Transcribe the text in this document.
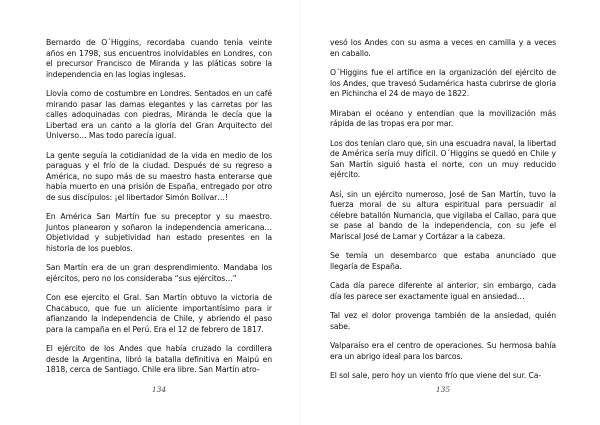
Bernardo de O´Higgins, recordaba cuando tenía veinte años en 1798, sus encuentros inolvidables en Londres, con el precursor Francisco de Miranda y las pláticas sobre la independencia en las logias inglesas.

Llovía como de costumbre en Londres. Sentados en un café mirando pasar las damas elegantes y las carretas por las calles adoquinadas con piedras, Miranda le decía que la Libertad era un canto a la gloria del Gran Arquitecto del Universo… Mas todo parecía igual.

La gente seguía la cotidianidad de la vida en medio de los paraguas y el frío de la ciudad. Después de su regreso a América, no supo más de su maestro hasta enterarse que había muerto en una prisión de España, entregado por otro de sus discípulos: ¡el libertador Simón Bolívar…!

En América San Martín fue su preceptor y su maestro. Juntos planearon y soñaron la independencia americana… Objetividad y subjetividad han estado presentes en la historia de los pueblos.

San Martín era de un gran desprendimiento. Mandaba los ejércitos, pero no los consideraba “sus ejércitos…”

Con ese ejercito el Gral. San Martín obtuvo la victoria de Chacabuco, que fue un aliciente importantísimo para ir afianzando la independencia de Chile, y abriendo el paso para la campaña en el Perú. Era el 12 de febrero de 1817.

El ejército de los Andes que había cruzado la cordillera desde la Argentina, libró la batalla definitiva en Maipú en 1818, cerca de Santiago. Chile era libre. San Martín atro-

134

vesó los Andes con su asma a veces en camilla y a veces en caballo.

O´Higgins fue el artífice en la organización del ejército de los Andes, que travesó Sudamérica hasta cubrirse de gloria en Pichincha el 24 de mayo de 1822.

Miraban el océano y entendían que la movilización más rápida de las tropas era por mar.

Los dos tenían claro que, sin una escuadra naval, la libertad de América sería muy difícil. O´Higgins se quedó en Chile y San Martín siguió hasta el norte, con un muy reducido ejército.

Así, sin un ejército numeroso, José de San Martín, tuvo la fuerza moral de su altura espiritual para persuadir al célebre batallón Numancia, que vigilaba el Callao, para que se pase al bando de la independencia, con su jefe el Mariscal José de Lamar y Cortázar a la cabeza.

Se temía un desembarco que estaba anunciado que llegaría de España.

Cada día parece diferente al anterior, sin embargo, cada día les parece ser exactamente igual en ansiedad…

Tal vez el dolor provenga también de la ansiedad, quién sabe.

Valparaíso era el centro de operaciones. Su hermosa bahía era un abrigo ideal para los barcos.

El sol sale, pero hoy un viento frío que viene del sur. Ca-

135
